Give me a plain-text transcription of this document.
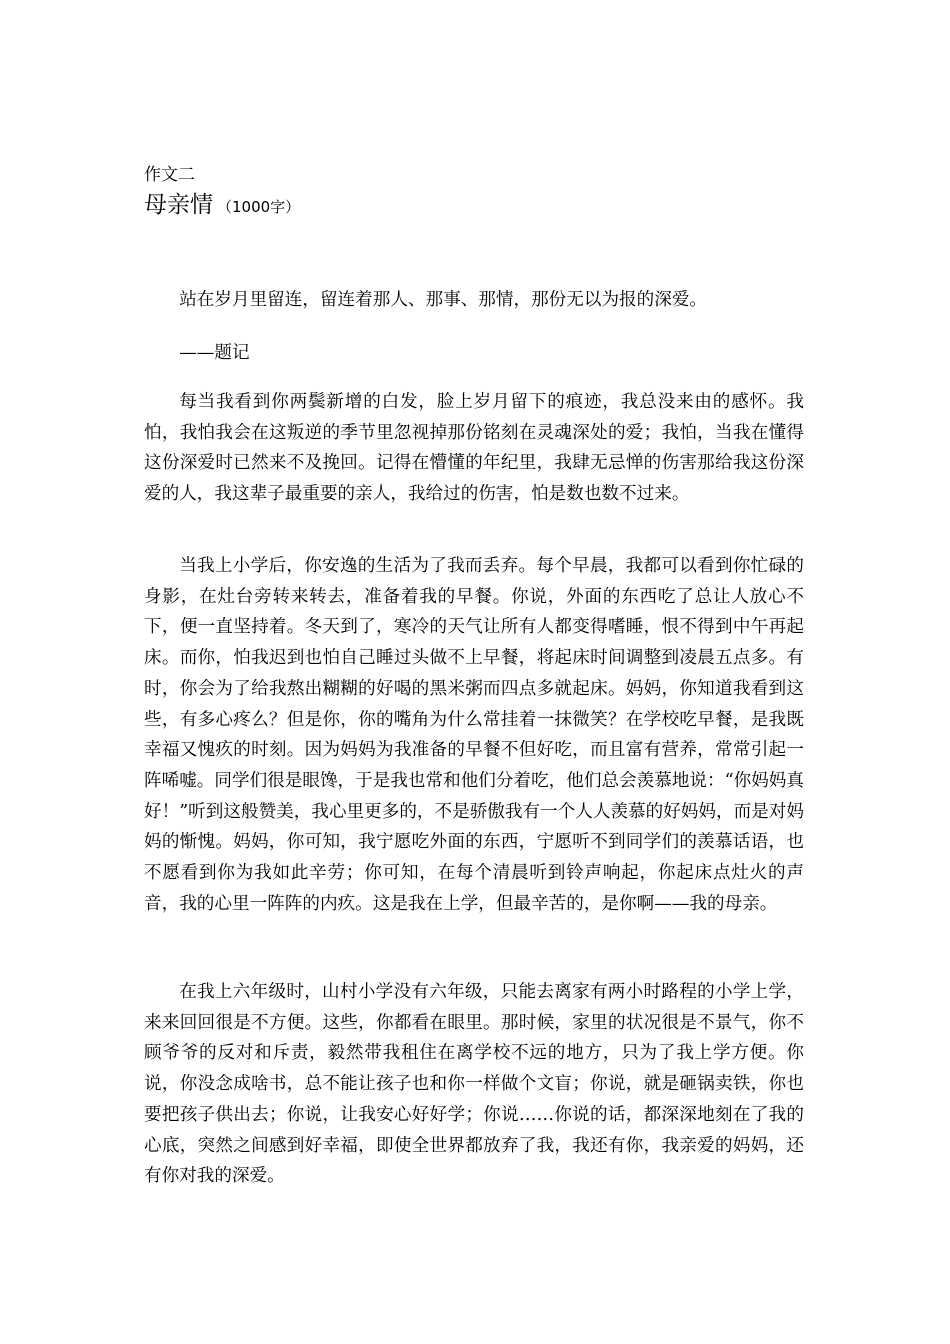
作文二

母亲情 （1000字）

站在岁月里留连，留连着那人、那事、那情，那份无以为报的深爱。

——题记

每当我看到你两鬓新增的白发，脸上岁月留下的痕迹，我总没来由的感怀。我怕，我怕我会在这叛逆的季节里忽视掉那份铭刻在灵魂深处的爱；我怕，当我在懂得这份深爱时已然来不及挽回。记得在懵懂的年纪里，我肆无忌惮的伤害那给我这份深爱的人，我这辈子最重要的亲人，我给过的伤害，怕是数也数不过来。

当我上小学后，你安逸的生活为了我而丢弃。每个早晨，我都可以看到你忙碌的身影，在灶台旁转来转去，准备着我的早餐。你说，外面的东西吃了总让人放心不下，便一直坚持着。冬天到了，寒冷的天气让所有人都变得嗜睡，恨不得到中午再起床。而你，怕我迟到也怕自己睡过头做不上早餐，将起床时间调整到凌晨五点多。有时，你会为了给我熬出糊糊的好喝的黑米粥而四点多就起床。妈妈，你知道我看到这些，有多心疼么？但是你，你的嘴角为什么常挂着一抹微笑？在学校吃早餐，是我既幸福又愧疚的时刻。因为妈妈为我准备的早餐不但好吃，而且富有营养，常常引起一阵唏嘘。同学们很是眼馋，于是我也常和他们分着吃，他们总会羡慕地说：“你妈妈真好！”听到这般赞美，我心里更多的，不是骄傲我有一个人人羡慕的好妈妈，而是对妈妈的惭愧。妈妈，你可知，我宁愿吃外面的东西，宁愿听不到同学们的羡慕话语，也不愿看到你为我如此辛劳；你可知，在每个清晨听到铃声响起，你起床点灶火的声音，我的心里一阵阵的内疚。这是我在上学，但最辛苦的，是你啊——我的母亲。

在我上六年级时，山村小学没有六年级，只能去离家有两小时路程的小学上学，来来回回很是不方便。这些，你都看在眼里。那时候，家里的状况很是不景气，你不顾爷爷的反对和斥责，毅然带我租住在离学校不远的地方，只为了我上学方便。你说，你没念成啥书，总不能让孩子也和你一样做个文盲；你说，就是砸锅卖铁，你也要把孩子供出去；你说，让我安心好好学；你说……你说的话，都深深地刻在了我的心底，突然之间感到好幸福，即使全世界都放弃了我，我还有你，我亲爱的妈妈，还有你对我的深爱。
